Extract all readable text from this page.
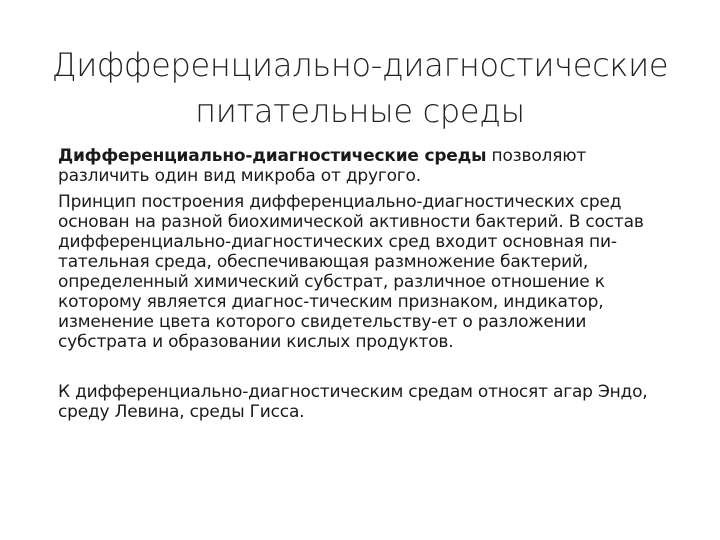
Дифференциально-диагностические
питательные среды

Дифференциально-диагностические среды позволяют различить один вид микроба от другого.

Принцип построения дифференциально-диагностических сред основан на разной биохимической активности бактерий. В состав дифференциально-диагностических сред входит основная пи-тательная среда, обеспечивающая размножение бактерий, определенный химический субстрат, различное отношение к которому является диагнос-тическим признаком, индикатор, изменение цвета которого свидетельству-ет о разложении субстрата и образовании кислых продуктов.

К дифференциально-диагностическим средам относят агар Эндо, среду Левина, среды Гисса.
